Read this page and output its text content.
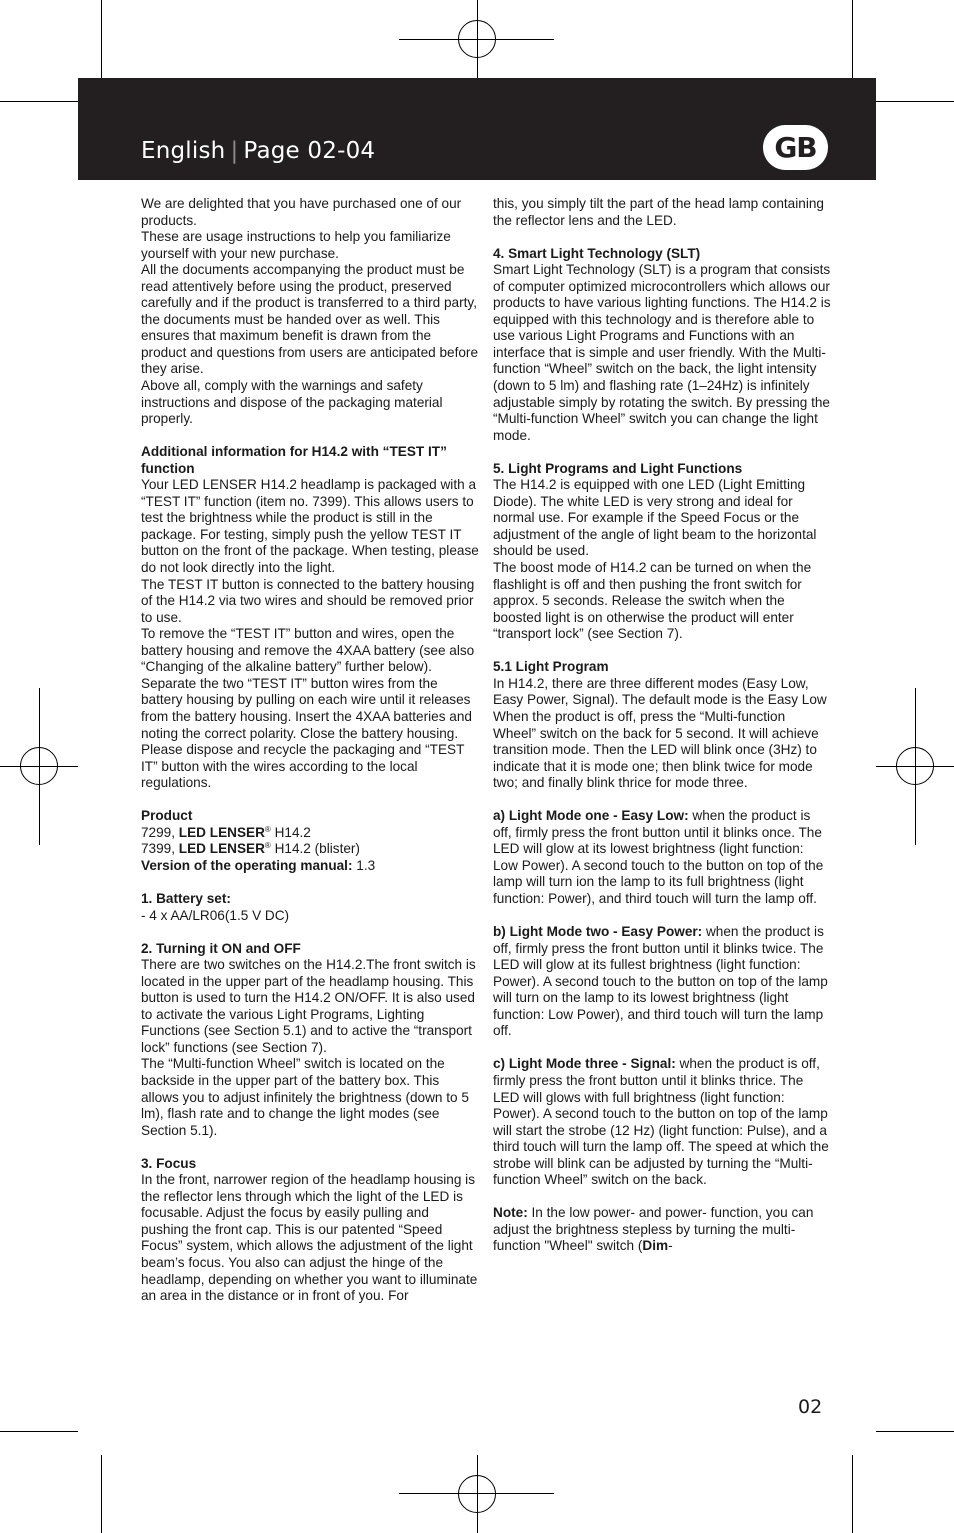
English | Page 02-04	GB

We are delighted that you have purchased one of our products.

These are usage instructions to help you familiarize yourself with your new purchase.

All the documents accompanying the product must be read attentively before using the product, preserved carefully and if the product is transferred to a third party, the documents must be handed over as well. This ensures that maximum benefit is drawn from the product and questions from users are anticipated before they arise.

Above all, comply with the warnings and safety instructions and dispose of the packaging material properly.

Additional information for H14.2 with “TEST IT” function

Your LED LENSER H14.2 headlamp is packaged with a “TEST IT” function (item no. 7399). This allows users to test the brightness while the product is still in the package. For testing, simply push the yellow TEST IT button on the front of the package. When testing, please do not look directly into the light.

The TEST IT button is connected to the battery housing of the H14.2 via two wires and should be removed prior to use.

To remove the “TEST IT” button and wires, open the battery housing and remove the 4XAA battery (see also “Changing of the alkaline battery” further below). Separate the two “TEST IT” button wires from the battery housing by pulling on each wire until it releases from the battery housing. Insert the 4XAA batteries and noting the correct polarity. Close the battery housing. Please dispose and recycle the packaging and “TEST IT” button with the wires according to the local regulations.

Product

7299, LED LENSER® H14.2

7399, LED LENSER® H14.2 (blister)

Version of the operating manual: 1.3

1. Battery set:

- 4 x AA/LR06(1.5 V DC)

2. Turning it ON and OFF

There are two switches on the H14.2.The front switch is located in the upper part of the headlamp housing. This button is used to turn the H14.2 ON/OFF. It is also used to activate the various Light Programs, Lighting Functions (see Section 5.1) and to active the “transport lock” functions (see Section 7).

The “Multi-function Wheel” switch is located on the backside in the upper part of the battery box. This allows you to adjust infinitely the brightness (down to 5 lm), flash rate and to change the light modes (see Section 5.1).

3. Focus

In the front, narrower region of the headlamp housing is the reflector lens through which the light of the LED is focusable. Adjust the focus by easily pulling and pushing the front cap. This is our patented “Speed Focus” system, which allows the adjustment of the light beam’s focus. You also can adjust the hinge of the headlamp, depending on whether you want to illuminate an area in the distance or in front of you. For

this, you simply tilt the part of the head lamp containing the reflector lens and the LED.

4. Smart Light Technology (SLT)

Smart Light Technology (SLT) is a program that consists of computer optimized microcontrollers which allows our products to have various lighting functions. The H14.2 is equipped with this technology and is therefore able to use various Light Programs and Functions with an interface that is simple and user friendly. With the Multi-function “Wheel” switch on the back, the light intensity (down to 5 lm) and flashing rate (1–24Hz) is infinitely adjustable simply by rotating the switch. By pressing the “Multi-function Wheel” switch you can change the light mode.

5. Light Programs and Light Functions

The H14.2 is equipped with one LED (Light Emitting Diode). The white LED is very strong and ideal for normal use. For example if the Speed Focus or the adjustment of the angle of light beam to the horizontal should be used.

The boost mode of H14.2 can be turned on when the flashlight is off and then pushing the front switch for approx. 5 seconds. Release the switch when the boosted light is on otherwise the product will enter “transport lock” (see Section 7).

5.1 Light Program

In H14.2, there are three different modes (Easy Low, Easy Power, Signal). The default mode is the Easy Low

When the product is off, press the “Multi-function Wheel” switch on the back for 5 second. It will achieve transition mode. Then the LED will blink once (3Hz) to indicate that it is mode one; then blink twice for mode two; and finally blink thrice for mode three.

a) Light Mode one - Easy Low: when the product is off, firmly press the front button until it blinks once. The LED will glow at its lowest brightness (light function: Low Power). A second touch to the button on top of the lamp will turn ion the lamp to its full brightness (light function: Power), and third touch will turn the lamp off.

b) Light Mode two - Easy Power: when the product is off, firmly press the front button until it blinks twice. The LED will glow at its fullest brightness (light function: Power). A second touch to the button on top of the lamp will turn on the lamp to its lowest brightness (light function: Low Power), and third touch will turn the lamp off.

c) Light Mode three - Signal: when the product is off, firmly press the front button until it blinks thrice. The LED will glows with full brightness (light function: Power). A second touch to the button on top of the lamp will start the strobe (12 Hz) (light function: Pulse), and a third touch will turn the lamp off. The speed at which the strobe will blink can be adjusted by turning the “Multi-function Wheel” switch on the back.

Note: In the low power- and power- function, you can adjust the brightness stepless by turning the multi-function "Wheel" switch (Dim-

02
